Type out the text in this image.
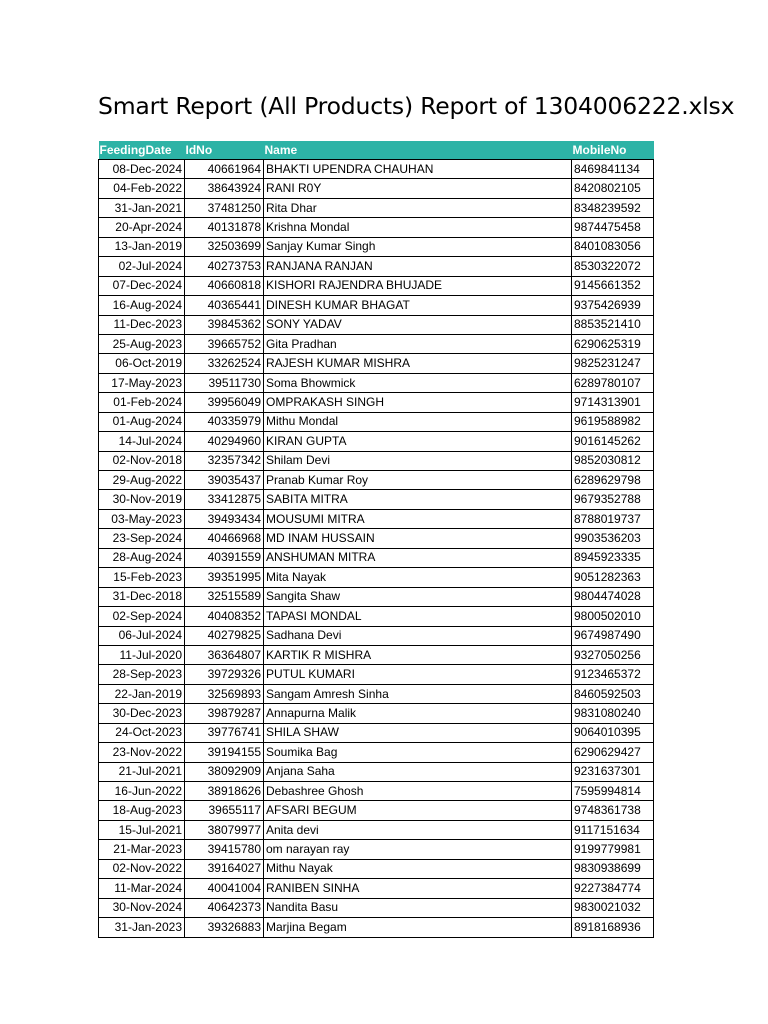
Smart Report (All Products) Report of 1304006222.xlsx
FeedingDate	IdNo	Name	MobileNo
08-Dec-2024	40661964	BHAKTI UPENDRA CHAUHAN	8469841134
04-Feb-2022	38643924	RANI R0Y	8420802105
31-Jan-2021	37481250	Rita Dhar	8348239592
20-Apr-2024	40131878	Krishna Mondal	9874475458
13-Jan-2019	32503699	Sanjay Kumar Singh	8401083056
02-Jul-2024	40273753	RANJANA RANJAN	8530322072
07-Dec-2024	40660818	KISHORI RAJENDRA BHUJADE	9145661352
16-Aug-2024	40365441	DINESH KUMAR BHAGAT	9375426939
11-Dec-2023	39845362	SONY YADAV	8853521410
25-Aug-2023	39665752	Gita Pradhan	6290625319
06-Oct-2019	33262524	RAJESH KUMAR MISHRA	9825231247
17-May-2023	39511730	Soma Bhowmick	6289780107
01-Feb-2024	39956049	OMPRAKASH SINGH	9714313901
01-Aug-2024	40335979	Mithu Mondal	9619588982
14-Jul-2024	40294960	KIRAN GUPTA	9016145262
02-Nov-2018	32357342	Shilam Devi	9852030812
29-Aug-2022	39035437	Pranab Kumar Roy	6289629798
30-Nov-2019	33412875	SABITA MITRA	9679352788
03-May-2023	39493434	MOUSUMI MITRA	8788019737
23-Sep-2024	40466968	MD INAM HUSSAIN	9903536203
28-Aug-2024	40391559	ANSHUMAN MITRA	8945923335
15-Feb-2023	39351995	Mita Nayak	9051282363
31-Dec-2018	32515589	Sangita Shaw	9804474028
02-Sep-2024	40408352	TAPASI MONDAL	9800502010
06-Jul-2024	40279825	Sadhana Devi	9674987490
11-Jul-2020	36364807	KARTIK R MISHRA	9327050256
28-Sep-2023	39729326	PUTUL KUMARI	9123465372
22-Jan-2019	32569893	Sangam Amresh Sinha	8460592503
30-Dec-2023	39879287	Annapurna Malik	9831080240
24-Oct-2023	39776741	SHILA SHAW	9064010395
23-Nov-2022	39194155	Soumika Bag	6290629427
21-Jul-2021	38092909	Anjana Saha	9231637301
16-Jun-2022	38918626	Debashree Ghosh	7595994814
18-Aug-2023	39655117	AFSARI BEGUM	9748361738
15-Jul-2021	38079977	Anita devi	9117151634
21-Mar-2023	39415780	om narayan ray	9199779981
02-Nov-2022	39164027	Mithu Nayak	9830938699
11-Mar-2024	40041004	RANIBEN SINHA	9227384774
30-Nov-2024	40642373	Nandita Basu	9830021032
31-Jan-2023	39326883	Marjina Begam	8918168936
